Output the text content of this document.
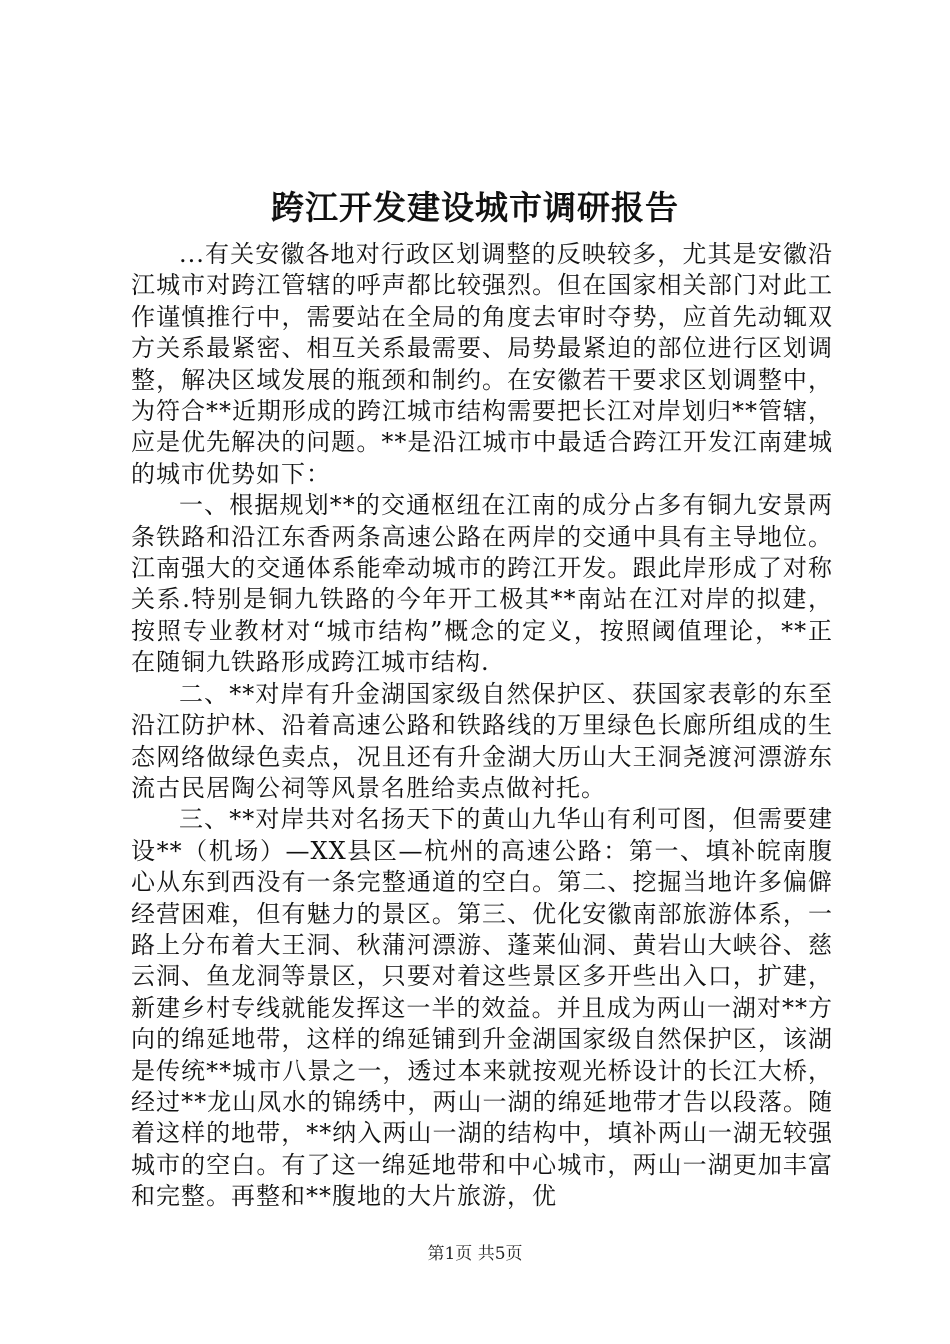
跨江开发建设城市调研报告

...有关安徽各地对行政区划调整的反映较多，尤其是安徽沿江城市对跨江管辖的呼声都比较强烈。但在国家相关部门对此工作谨慎推行中，需要站在全局的角度去审时夺势，应首先动辄双方关系最紧密、相互关系最需要、局势最紧迫的部位进行区划调整，解决区域发展的瓶颈和制约。在安徽若干要求区划调整中，为符合**近期形成的跨江城市结构需要把长江对岸划归**管辖，应是优先解决的问题。**是沿江城市中最适合跨江开发江南建城的城市优势如下：

一、根据规划**的交通枢纽在江南的成分占多有铜九安景两条铁路和沿江东香两条高速公路在两岸的交通中具有主导地位。江南强大的交通体系能牵动城市的跨江开发。跟此岸形成了对称关系.特别是铜九铁路的今年开工极其**南站在江对岸的拟建，按照专业教材对“城市结构”概念的定义，按照阈值理论，**正在随铜九铁路形成跨江城市结构.

二、**对岸有升金湖国家级自然保护区、获国家表彰的东至沿江防护林、沿着高速公路和铁路线的万里绿色长廊所组成的生态网络做绿色卖点，况且还有升金湖大历山大王洞尧渡河漂游东流古民居陶公祠等风景名胜给卖点做衬托。

三、**对岸共对名扬天下的黄山九华山有利可图，但需要建设**（机场）—XX县区—杭州的高速公路：第一、填补皖南腹心从东到西没有一条完整通道的空白。第二、挖掘当地许多偏僻经营困难，但有魅力的景区。第三、优化安徽南部旅游体系，一路上分布着大王洞、秋蒲河漂游、蓬莱仙洞、黄岩山大峡谷、慈云洞、鱼龙洞等景区，只要对着这些景区多开些出入口，扩建，新建乡村专线就能发挥这一半的效益。并且成为两山一湖对**方向的绵延地带，这样的绵延铺到升金湖国家级自然保护区，该湖是传统**城市八景之一，透过本来就按观光桥设计的长江大桥，经过**龙山凤水的锦绣中，两山一湖的绵延地带才告以段落。随着这样的地带，**纳入两山一湖的结构中，填补两山一湖无较强城市的空白。有了这一绵延地带和中心城市，两山一湖更加丰富和完整。再整和**腹地的大片旅游，优

第1页 共5页
